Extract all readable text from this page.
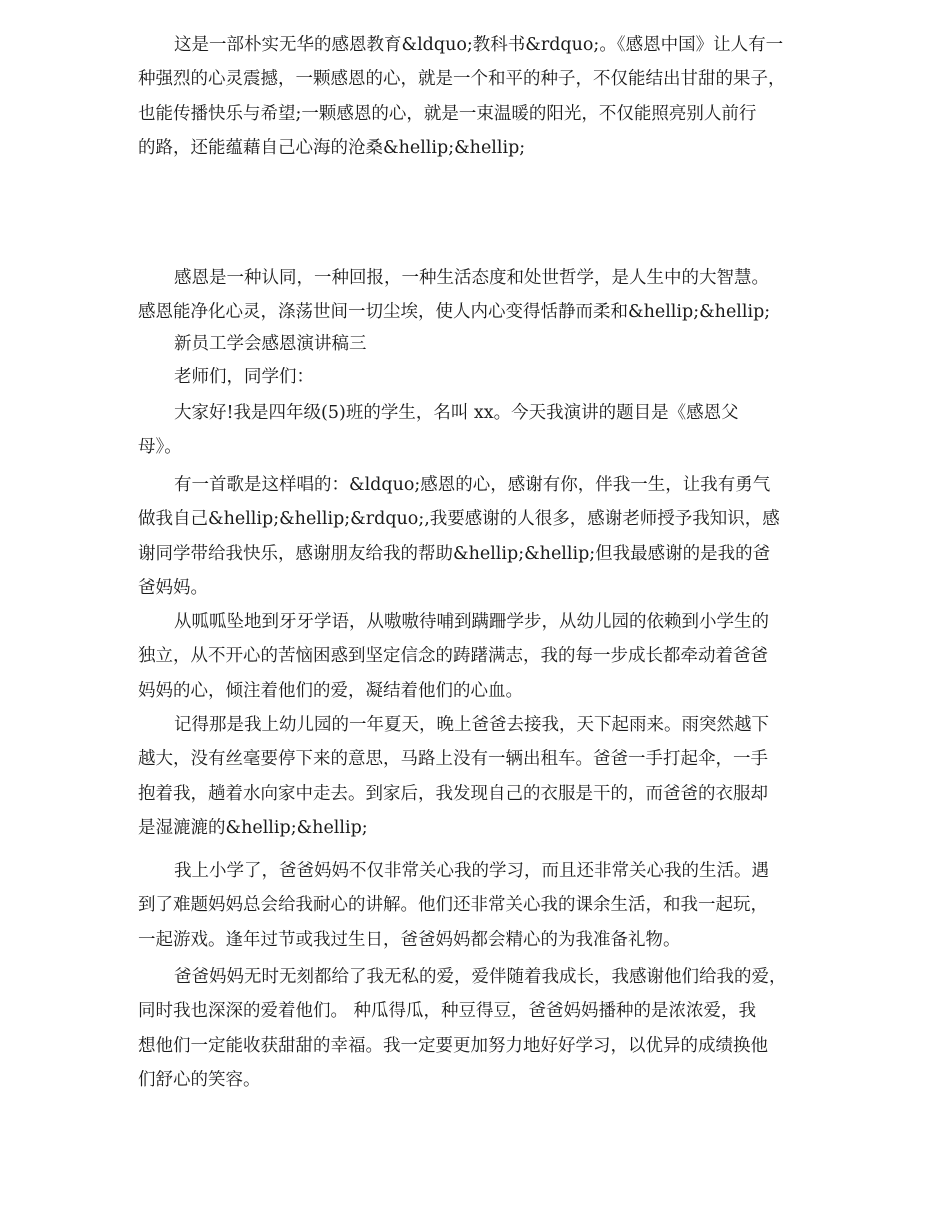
这是一部朴实无华的感恩教育&ldquo;教科书&rdquo;。《感恩中国》让人有一
种强烈的心灵震撼，一颗感恩的心，就是一个和平的种子，不仅能结出甘甜的果子，
也能传播快乐与希望;一颗感恩的心，就是一束温暖的阳光，不仅能照亮别人前行
的路，还能蕴藉自己心海的沧桑&hellip;&hellip;
感恩是一种认同，一种回报，一种生活态度和处世哲学，是人生中的大智慧。
感恩能净化心灵，涤荡世间一切尘埃，使人内心变得恬静而柔和&hellip;&hellip;
新员工学会感恩演讲稿三
老师们，同学们：
大家好!我是四年级(5)班的学生，名叫 xx。今天我演讲的题目是《感恩父
母》。
有一首歌是这样唱的：&ldquo;感恩的心，感谢有你，伴我一生，让我有勇气
做我自己&hellip;&hellip;&rdquo;,我要感谢的人很多，感谢老师授予我知识，感
谢同学带给我快乐，感谢朋友给我的帮助&hellip;&hellip;但我最感谢的是我的爸
爸妈妈。
从呱呱坠地到牙牙学语，从嗷嗷待哺到蹒跚学步，从幼儿园的依赖到小学生的
独立，从不开心的苦恼困惑到坚定信念的踌躇满志，我的每一步成长都牵动着爸爸
妈妈的心，倾注着他们的爱，凝结着他们的心血。
记得那是我上幼儿园的一年夏天，晚上爸爸去接我，天下起雨来。雨突然越下
越大，没有丝毫要停下来的意思，马路上没有一辆出租车。爸爸一手打起伞，一手
抱着我，趟着水向家中走去。到家后，我发现自己的衣服是干的，而爸爸的衣服却
是湿漉漉的&hellip;&hellip;
我上小学了，爸爸妈妈不仅非常关心我的学习，而且还非常关心我的生活。遇
到了难题妈妈总会给我耐心的讲解。他们还非常关心我的课余生活，和我一起玩，
一起游戏。逢年过节或我过生日，爸爸妈妈都会精心的为我准备礼物。
爸爸妈妈无时无刻都给了我无私的爱，爱伴随着我成长，我感谢他们给我的爱，
同时我也深深的爱着他们。 种瓜得瓜，种豆得豆，爸爸妈妈播种的是浓浓爱，我
想他们一定能收获甜甜的幸福。我一定要更加努力地好好学习，以优异的成绩换他
们舒心的笑容。
